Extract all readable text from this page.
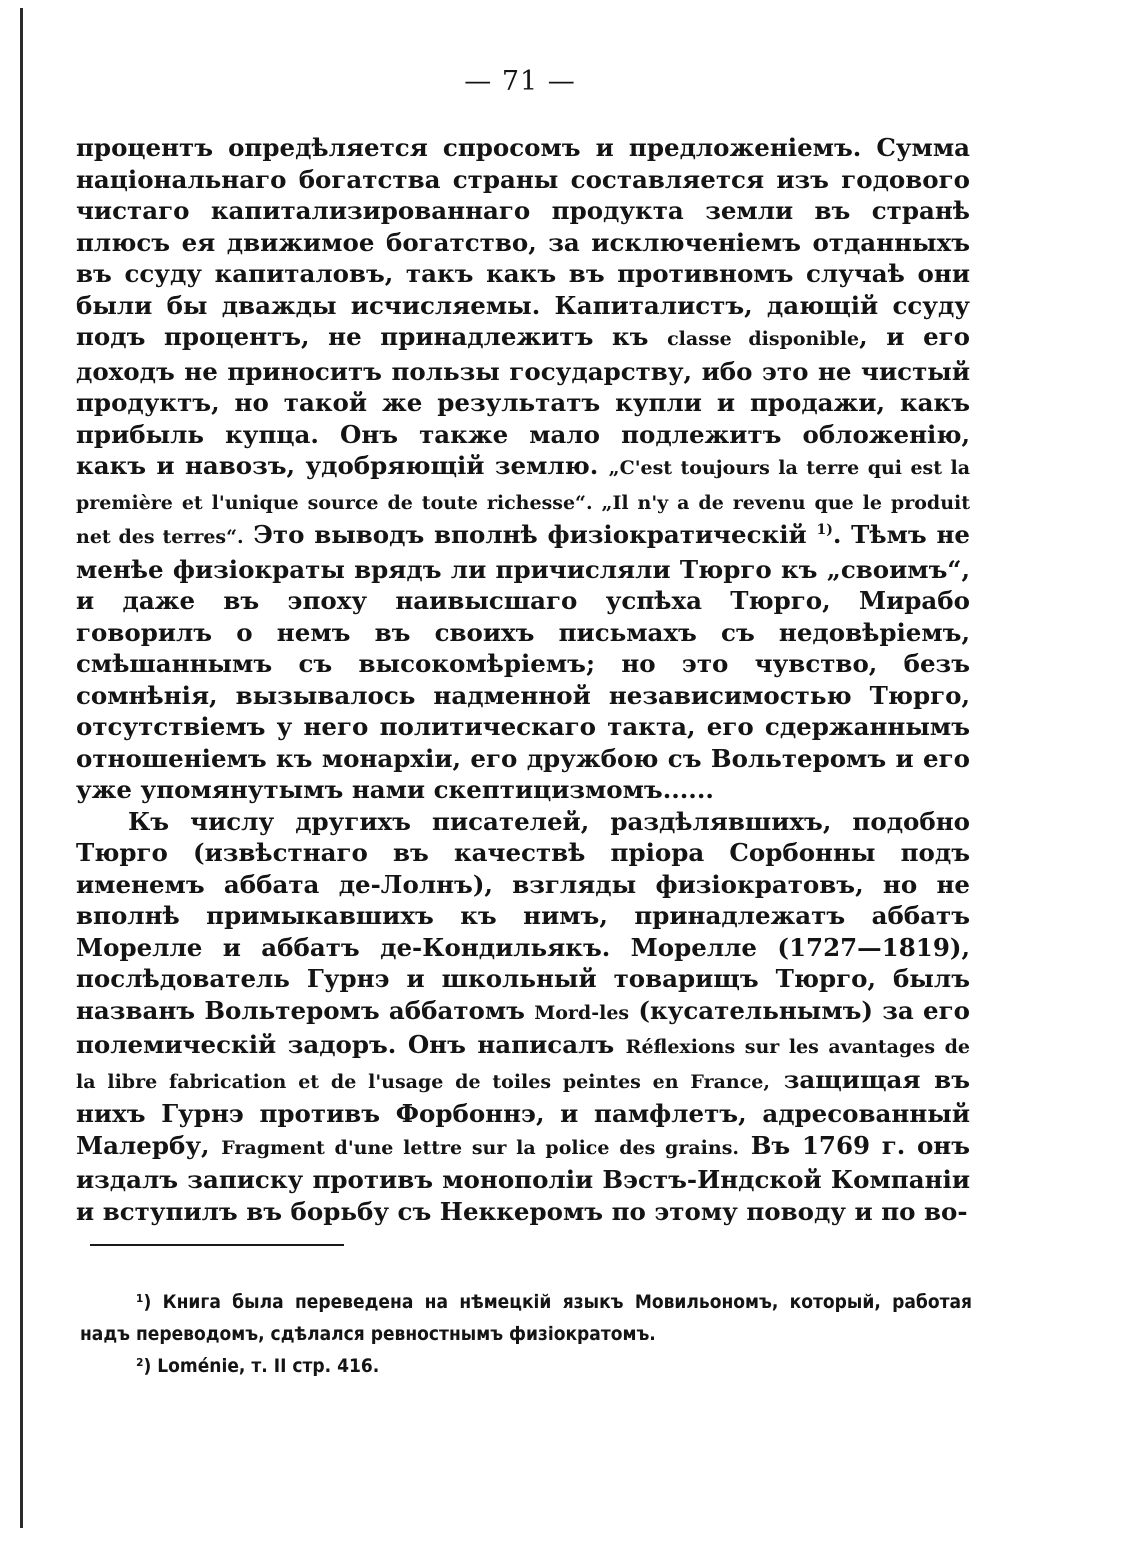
— 71 —

процентъ опредѣляется спросомъ и предложеніемъ. Сумма національнаго богатства страны составляется изъ годового чистаго капитализированнаго продукта земли въ странѣ плюсъ ея движимое богатство, за исключеніемъ отданныхъ въ ссуду капиталовъ, такъ какъ въ противномъ случаѣ они были бы дважды исчисляемы. Капиталистъ, дающій ссуду подъ процентъ, не принадлежитъ къ classe disponible, и его доходъ не приноситъ пользы государству, ибо это не чистый продуктъ, но такой же результатъ купли и продажи, какъ прибыль купца. Онъ также мало подлежитъ обложенію, какъ и навозъ, удобряющій землю. „C'est toujours la terre qui est la première et l'unique source de toute richesse“. „Il n'y a de revenu que le produit net des terres“. Это выводъ вполнѣ физіократическій $^{1)}$. Тѣмъ не менѣе физіократы врядъ ли причисляли Тюрго къ „своимъ“, и даже въ эпоху наивысшаго успѣха Тюрго, Мирабо говорилъ о немъ въ своихъ письмахъ съ недовѣріемъ, смѣшаннымъ съ высокомѣріемъ; но это чувство, безъ сомнѣнія, вызывалось надменной независимостью Тюрго, отсутствіемъ у него политическаго такта, его сдержаннымъ отношеніемъ къ монархіи, его дружбою съ Вольтеромъ и его уже упомянутымъ нами скептицизмомъ......

Къ числу другихъ писателей, раздѣлявшихъ, подобно Тюрго (извѣстнаго въ качествѣ пріора Сорбонны подъ именемъ аббата де-Лолнъ), взгляды физіократовъ, но не вполнѣ примыкавшихъ къ нимъ, принадлежатъ аббатъ Морелле и аббатъ де-Кондильякъ. Морелле (1727—1819), послѣдователь Гурнэ и школьный товарищъ Тюрго, былъ названъ Вольтеромъ аббатомъ Mord-les (кусательнымъ) за его полемическій задоръ. Онъ написалъ Réflexions sur les avantages de la libre fabrication et de l'usage de toiles peintes en France, защищая въ нихъ Гурнэ противъ Форбоннэ, и памфлетъ, адресованный Малербу, Fragment d'une lettre sur la police des grains. Въ 1769 г. онъ издалъ записку противъ монополіи Вэстъ-Индской Компаніи и вступилъ въ борьбу съ Неккеромъ по этому поводу и по во-

¹) Книга была переведена на нѣмецкій языкъ Мовильономъ, который, работая надъ переводомъ, сдѣлался ревностнымъ физіократомъ.

²) Loménie, т. II стр. 416.
